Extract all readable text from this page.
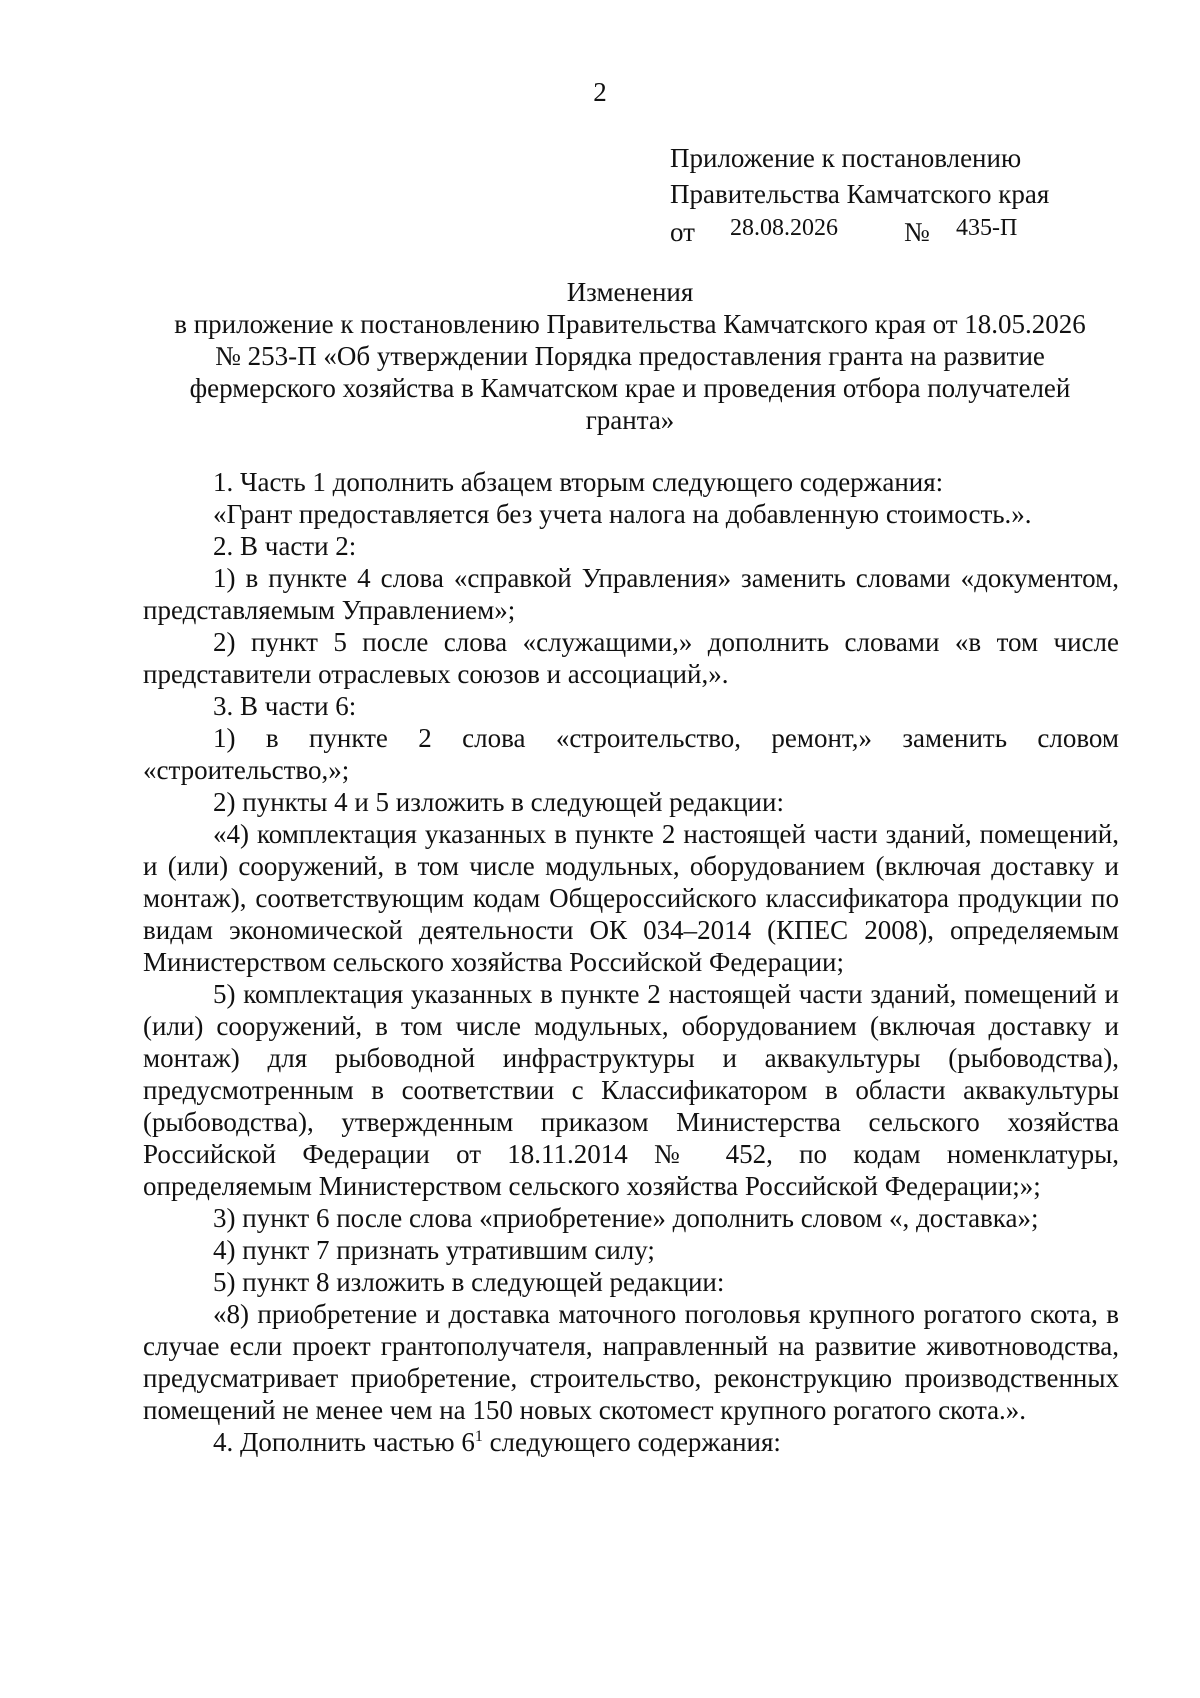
2
Приложение к постановлению
Правительства Камчатского края
от 28.08.2026 № 435-П
Изменения
в приложение к постановлению Правительства Камчатского края от 18.05.2026
№ 253-П «Об утверждении Порядка предоставления гранта на развитие
фермерского хозяйства в Камчатском крае и проведения отбора получателей
гранта»
1. Часть 1 дополнить абзацем вторым следующего содержания:
«Грант предоставляется без учета налога на добавленную стоимость.».
2. В части 2:
1) в пункте 4 слова «справкой Управления» заменить словами «документом, представляемым Управлением»;
2) пункт 5 после слова «служащими,» дополнить словами «в том числе представители отраслевых союзов и ассоциаций,».
3. В части 6:
1) в пункте 2 слова «строительство, ремонт,» заменить словом «строительство,»;
2) пункты 4 и 5 изложить в следующей редакции:
«4) комплектация указанных в пункте 2 настоящей части зданий, помещений, и (или) сооружений, в том числе модульных, оборудованием (включая доставку и монтаж), соответствующим кодам Общероссийского классификатора продукции по видам экономической деятельности ОК 034–2014 (КПЕС 2008), определяемым Министерством сельского хозяйства Российской Федерации;
5) комплектация указанных в пункте 2 настоящей части зданий, помещений и (или) сооружений, в том числе модульных, оборудованием (включая доставку и монтаж) для рыбоводной инфраструктуры и аквакультуры (рыбоводства), предусмотренным в соответствии с Классификатором в области аквакультуры (рыбоводства), утвержденным приказом Министерства сельского хозяйства Российской Федерации от 18.11.2014 № 452, по кодам номенклатуры, определяемым Министерством сельского хозяйства Российской Федерации;»;
3) пункт 6 после слова «приобретение» дополнить словом «, доставка»;
4) пункт 7 признать утратившим силу;
5) пункт 8 изложить в следующей редакции:
«8) приобретение и доставка маточного поголовья крупного рогатого скота, в случае если проект грантополучателя, направленный на развитие животноводства, предусматривает приобретение, строительство, реконструкцию производственных помещений не менее чем на 150 новых скотомест крупного рогатого скота.».
4. Дополнить частью $6^1$ следующего содержания:
